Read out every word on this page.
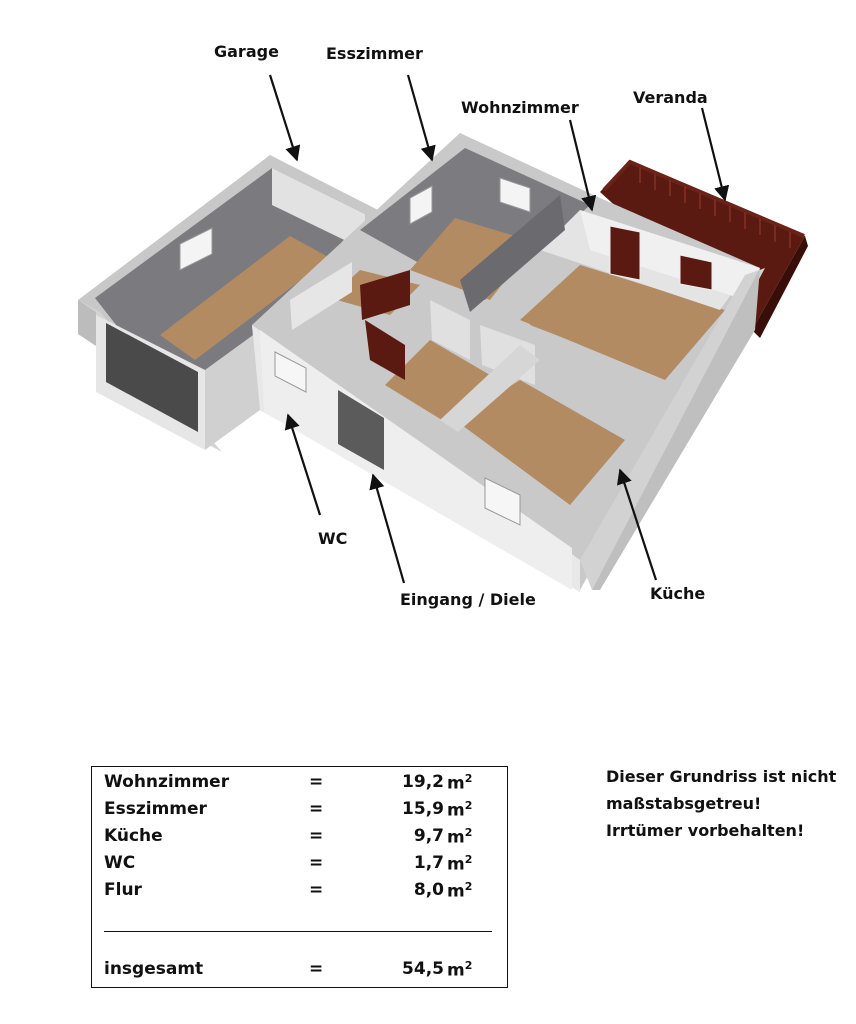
Garage	Esszimmer
Wohnzimmer
Veranda
WC
Eingang / Diele	Küche
Wohnzimmer	=	19,2 $m^2$
Esszimmer	=	15,9 $m^2$
Küche	=	9,7 $m^2$
WC	=	1,7 $m^2$
Flur	=	8,0 $m^2$
insgesamt	=	54,5 $m^2$
Dieser Grundriss ist nicht
maßstabsgetreu!
Irrtümer vorbehalten!
